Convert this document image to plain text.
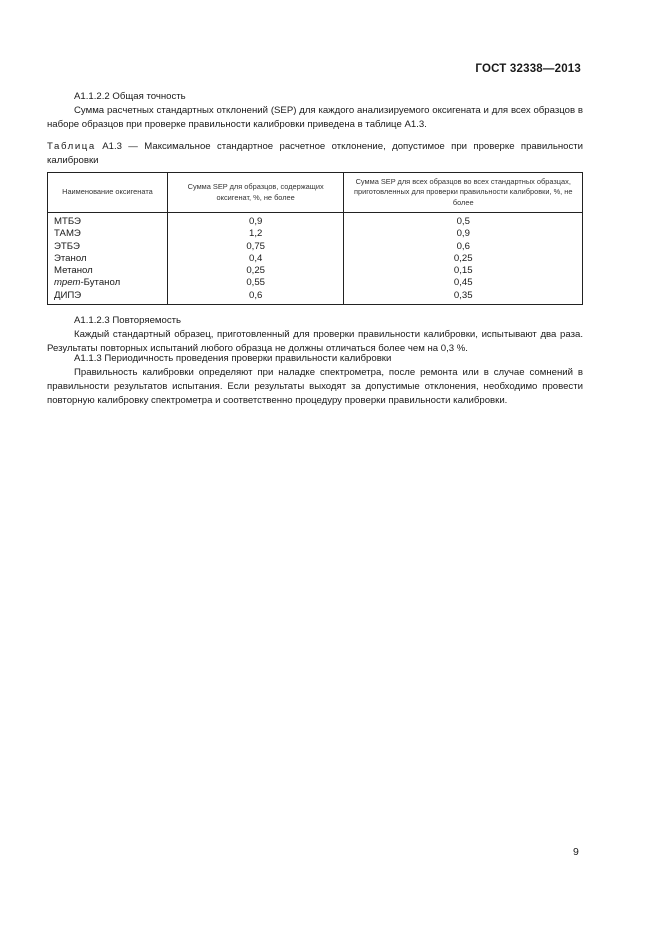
ГОСТ 32338—2013

А1.1.2.2 Общая точность

Сумма расчетных стандартных отклонений (SEP) для каждого анализируемого оксигената и для всех образцов в наборе образцов при проверке правильности калибровки приведена в таблице А1.3.

Таблица А1.3 — Максимальное стандартное расчетное отклонение, допустимое при проверке правильности калибровки

Наименование оксигената	Сумма SEP для образцов, содержащих оксигенат, %, не более	Сумма SEP для всех образцов во всех стандартных образцах, приготовленных для проверки правильности калибровки, %, не более
МТБЭ	0,9	0,5
ТАМЭ	1,2	0,9
ЭТБЭ	0,75	0,6
Этанол	0,4	0,25
Метанол	0,25	0,15
трет-Бутанол	0,55	0,45
ДИПЭ	0,6	0,35

А1.1.2.3 Повторяемость

Каждый стандартный образец, приготовленный для проверки правильности калибровки, испытывают два раза. Результаты повторных испытаний любого образца не должны отличаться более чем на 0,3 %.

А1.1.3 Периодичность проведения проверки правильности калибровки

Правильность калибровки определяют при наладке спектрометра, после ремонта или в случае сомнений в правильности результатов испытания. Если результаты выходят за допустимые отклонения, необходимо провести повторную калибровку спектрометра и соответственно процедуру проверки правильности калибровки.

9
